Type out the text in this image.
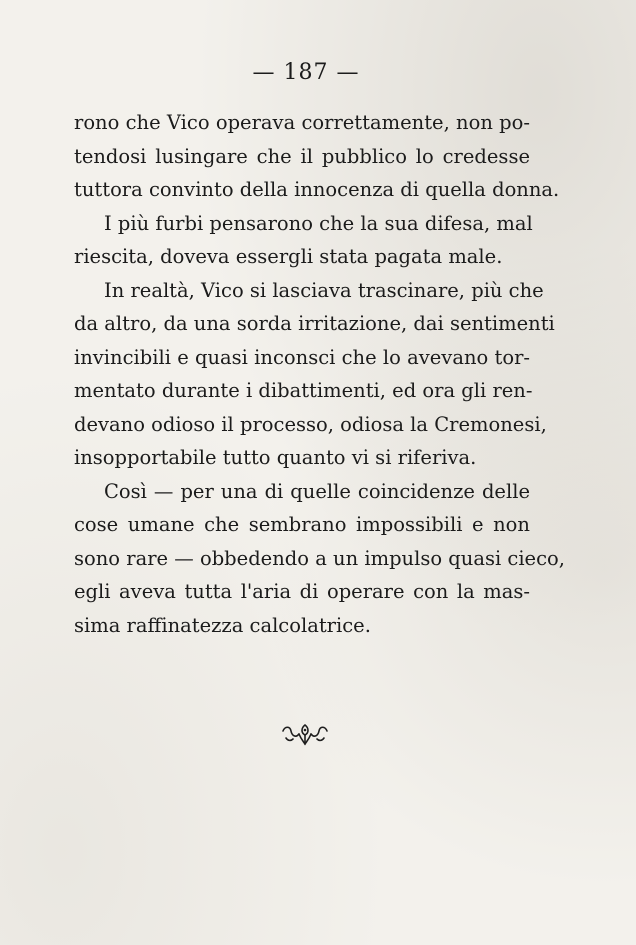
— 187 —
rono che Vico operava correttamente, non po-
tendosi lusingare che il pubblico lo credesse
tuttora convinto della innocenza di quella donna.
I più furbi pensarono che la sua difesa, mal
riescita, doveva essergli stata pagata male.
In realtà, Vico si lasciava trascinare, più che
da altro, da una sorda irritazione, dai sentimenti
invincibili e quasi inconsci che lo avevano tor-
mentato durante i dibattimenti, ed ora gli ren-
devano odioso il processo, odiosa la Cremonesi,
insopportabile tutto quanto vi si riferiva.
Così — per una di quelle coincidenze delle
cose umane che sembrano impossibili e non
sono rare — obbedendo a un impulso quasi cieco,
egli aveva tutta l'aria di operare con la mas-
sima raffinatezza calcolatrice.
